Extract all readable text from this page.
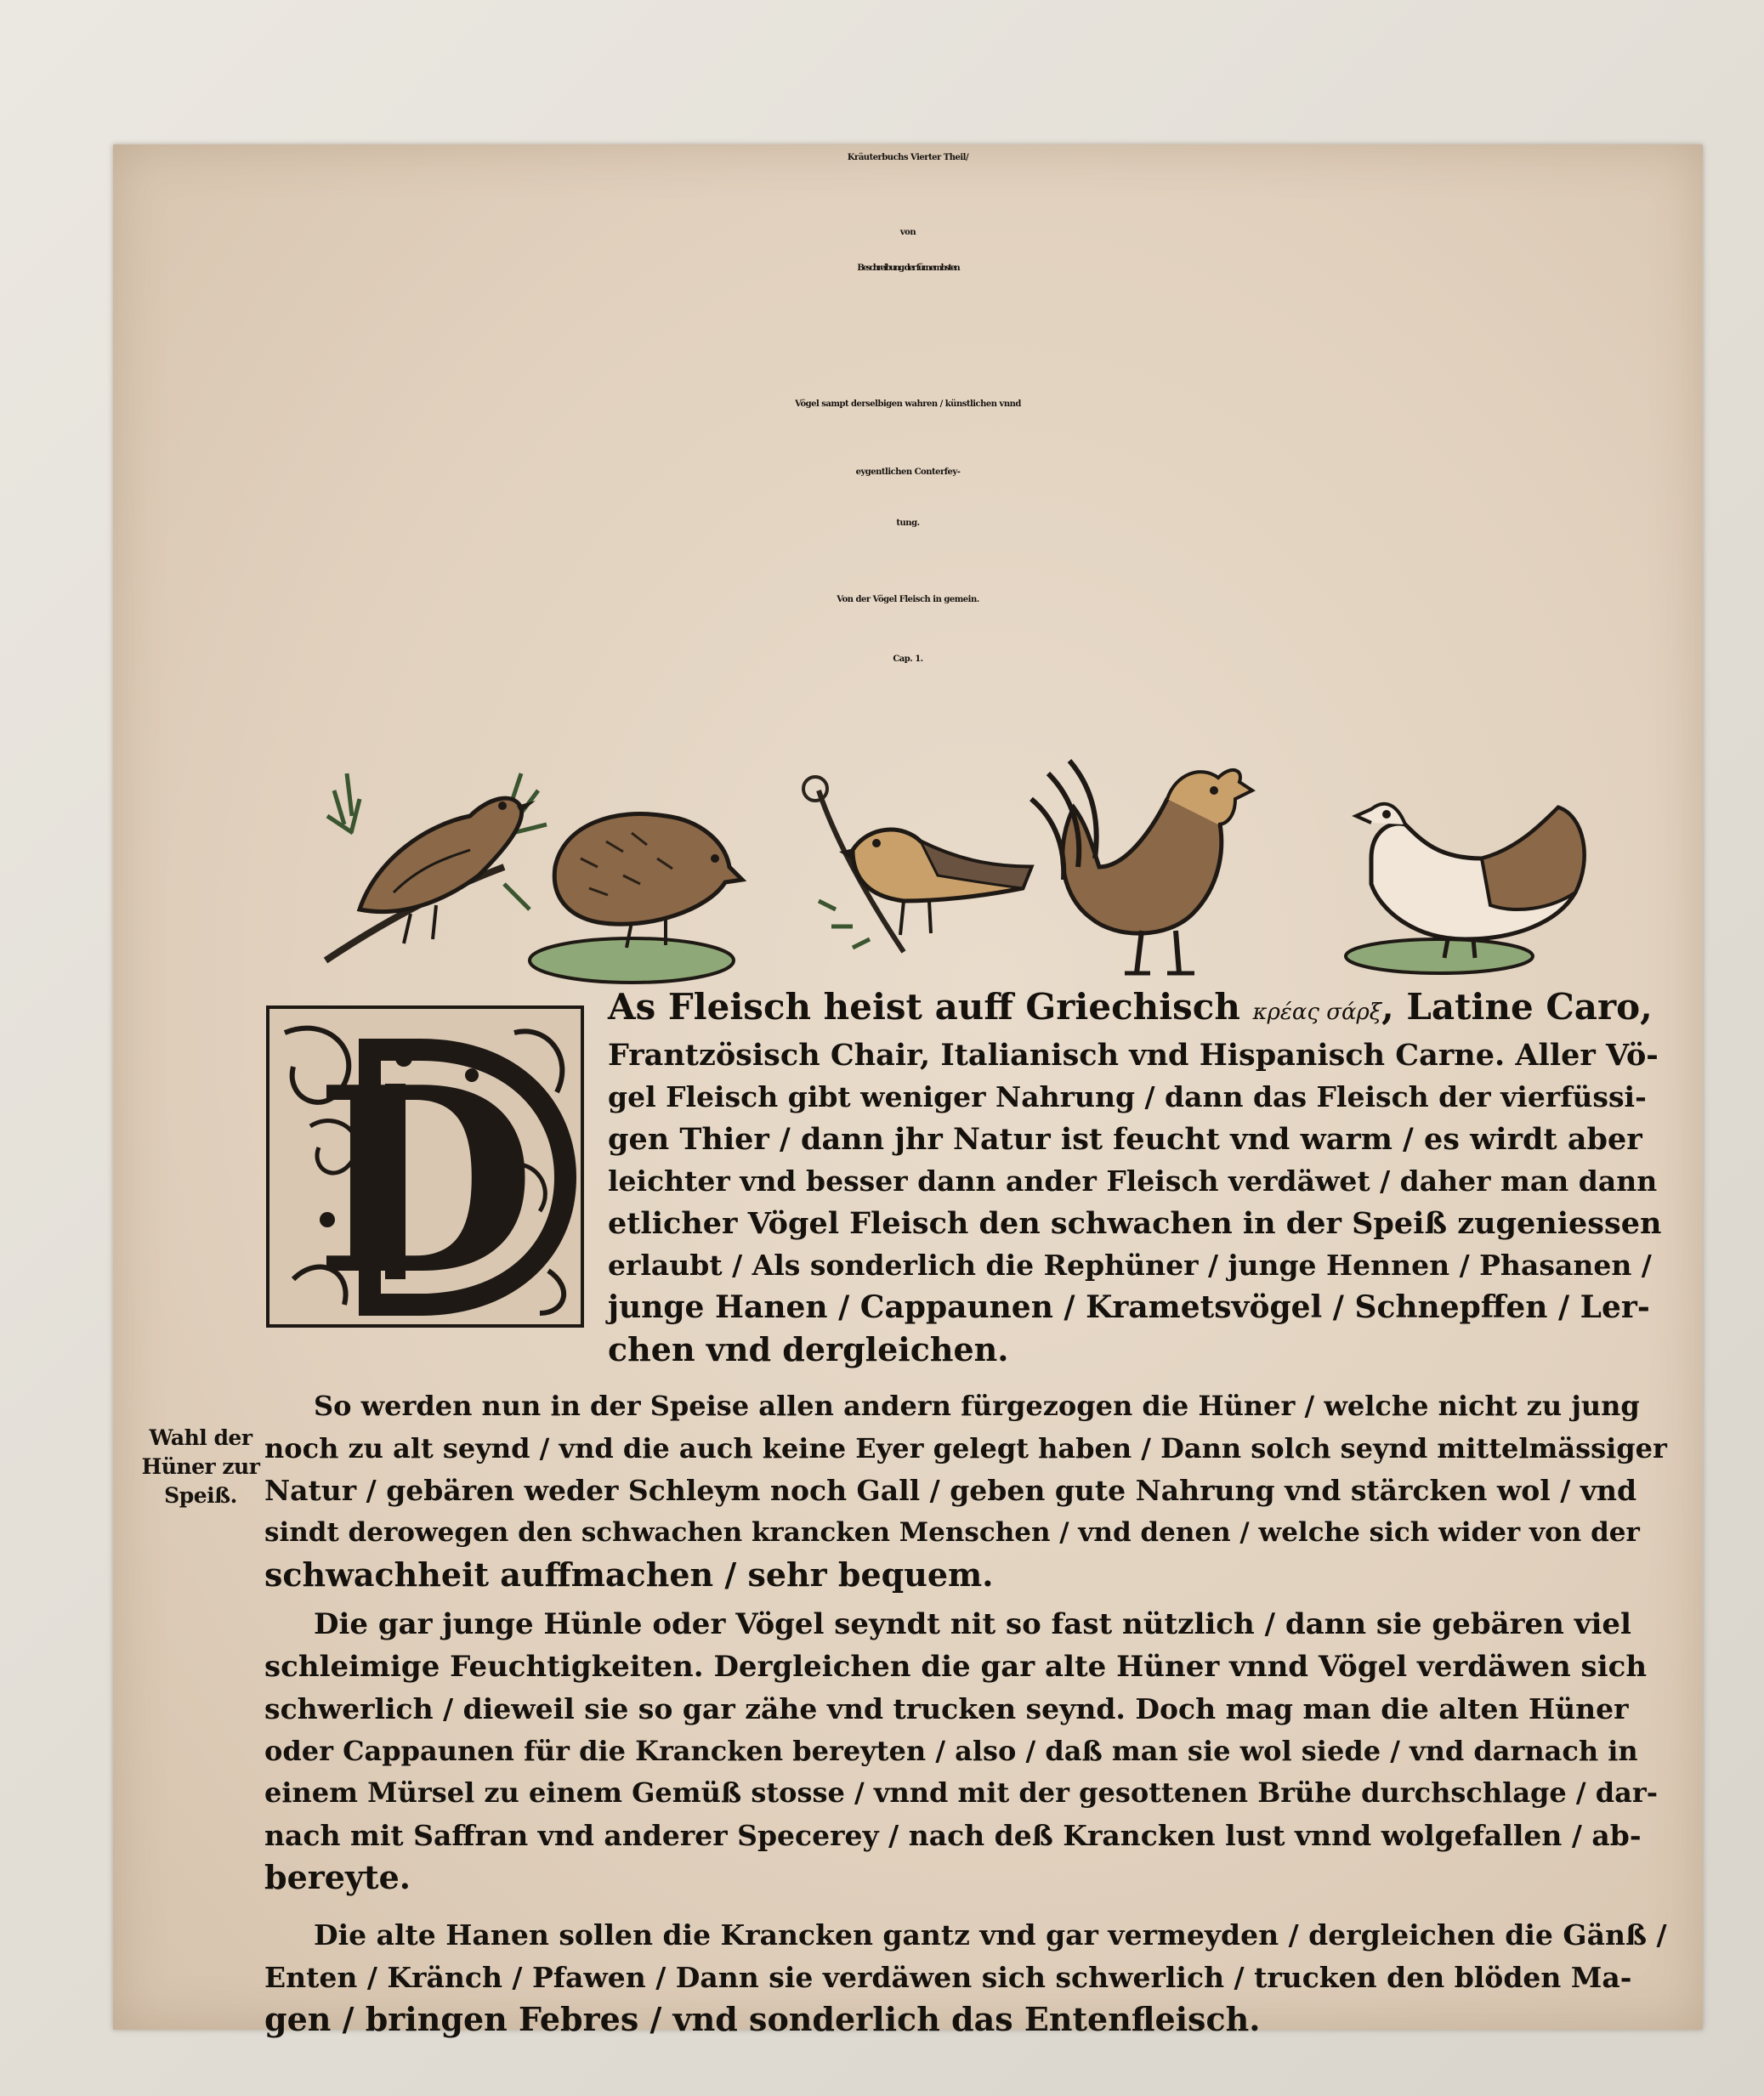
Kräuterbuchs Vierter Theil/
von
Beschreibung der fürnembsten
Vögel sampt derselbigen wahren / künstlichen vnnd
eygentlichen Conterfey-
tung.
Von der Vögel Fleisch in gemein.
Cap. 1.
D
As Fleisch heist auff Griechisch κρέας σάρξ, Latine Caro,
Frantzösisch Chair, Italianisch vnd Hispanisch Carne. Aller Vö-
gel Fleisch gibt weniger Nahrung / dann das Fleisch der vierfüssi-
gen Thier / dann jhr Natur ist feucht vnd warm / es wirdt aber
leichter vnd besser dann ander Fleisch verdäwet / daher man dann
etlicher Vögel Fleisch den schwachen in der Speiß zugeniessen
erlaubt / Als sonderlich die Rephüner / junge Hennen / Phasanen /
junge Hanen / Cappaunen / Krametsvögel / Schnepffen / Ler-
chen vnd dergleichen.
Wahl der Hüner zur Speiß.
So werden nun in der Speise allen andern fürgezogen die Hüner / welche nicht zu jung
noch zu alt seynd / vnd die auch keine Eyer gelegt haben / Dann solch seynd mittelmässiger
Natur / gebären weder Schleym noch Gall / geben gute Nahrung vnd stärcken wol / vnd
sindt derowegen den schwachen krancken Menschen / vnd denen / welche sich wider von der
schwachheit auffmachen / sehr bequem.
Die gar junge Hünle oder Vögel seyndt nit so fast nützlich / dann sie gebären viel
schleimige Feuchtigkeiten. Dergleichen die gar alte Hüner vnnd Vögel verdäwen sich
schwerlich / dieweil sie so gar zähe vnd trucken seynd. Doch mag man die alten Hüner
oder Cappaunen für die Krancken bereyten / also / daß man sie wol siede / vnd darnach in
einem Mürsel zu einem Gemüß stosse / vnnd mit der gesottenen Brühe durchschlage / dar-
nach mit Saffran vnd anderer Specerey / nach deß Krancken lust vnnd wolgefallen / ab-
bereyte.
Die alte Hanen sollen die Krancken gantz vnd gar vermeyden / dergleichen die Gänß /
Enten / Kränch / Pfawen / Dann sie verdäwen sich schwerlich / trucken den blöden Ma-
gen / bringen Febres / vnd sonderlich das Entenfleisch.
